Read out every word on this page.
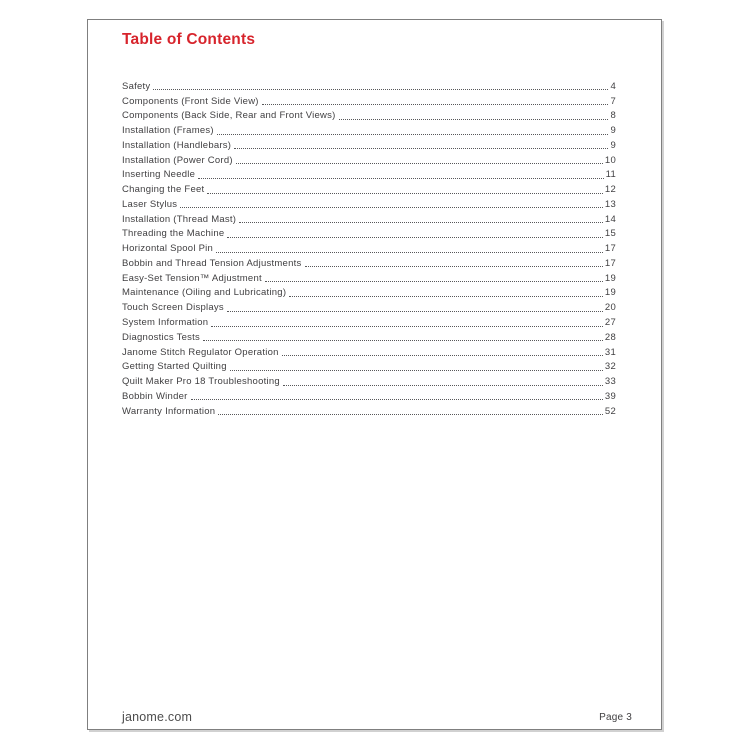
Table of Contents
Safety	4
Components (Front Side View)	7
Components (Back Side, Rear and Front Views)	8
Installation (Frames)	9
Installation (Handlebars)	9
Installation (Power Cord)	10
Inserting Needle	11
Changing the Feet	12
Laser Stylus	13
Installation (Thread Mast)	14
Threading the Machine	15
Horizontal Spool Pin	17
Bobbin and Thread Tension Adjustments	17
Easy-Set Tension™ Adjustment	19
Maintenance (Oiling and Lubricating)	19
Touch Screen Displays	20
System Information	27
Diagnostics Tests	28
Janome Stitch Regulator Operation	31
Getting Started Quilting	32
Quilt Maker Pro 18 Troubleshooting	33
Bobbin Winder	39
Warranty Information	52
janome.com	Page 3
